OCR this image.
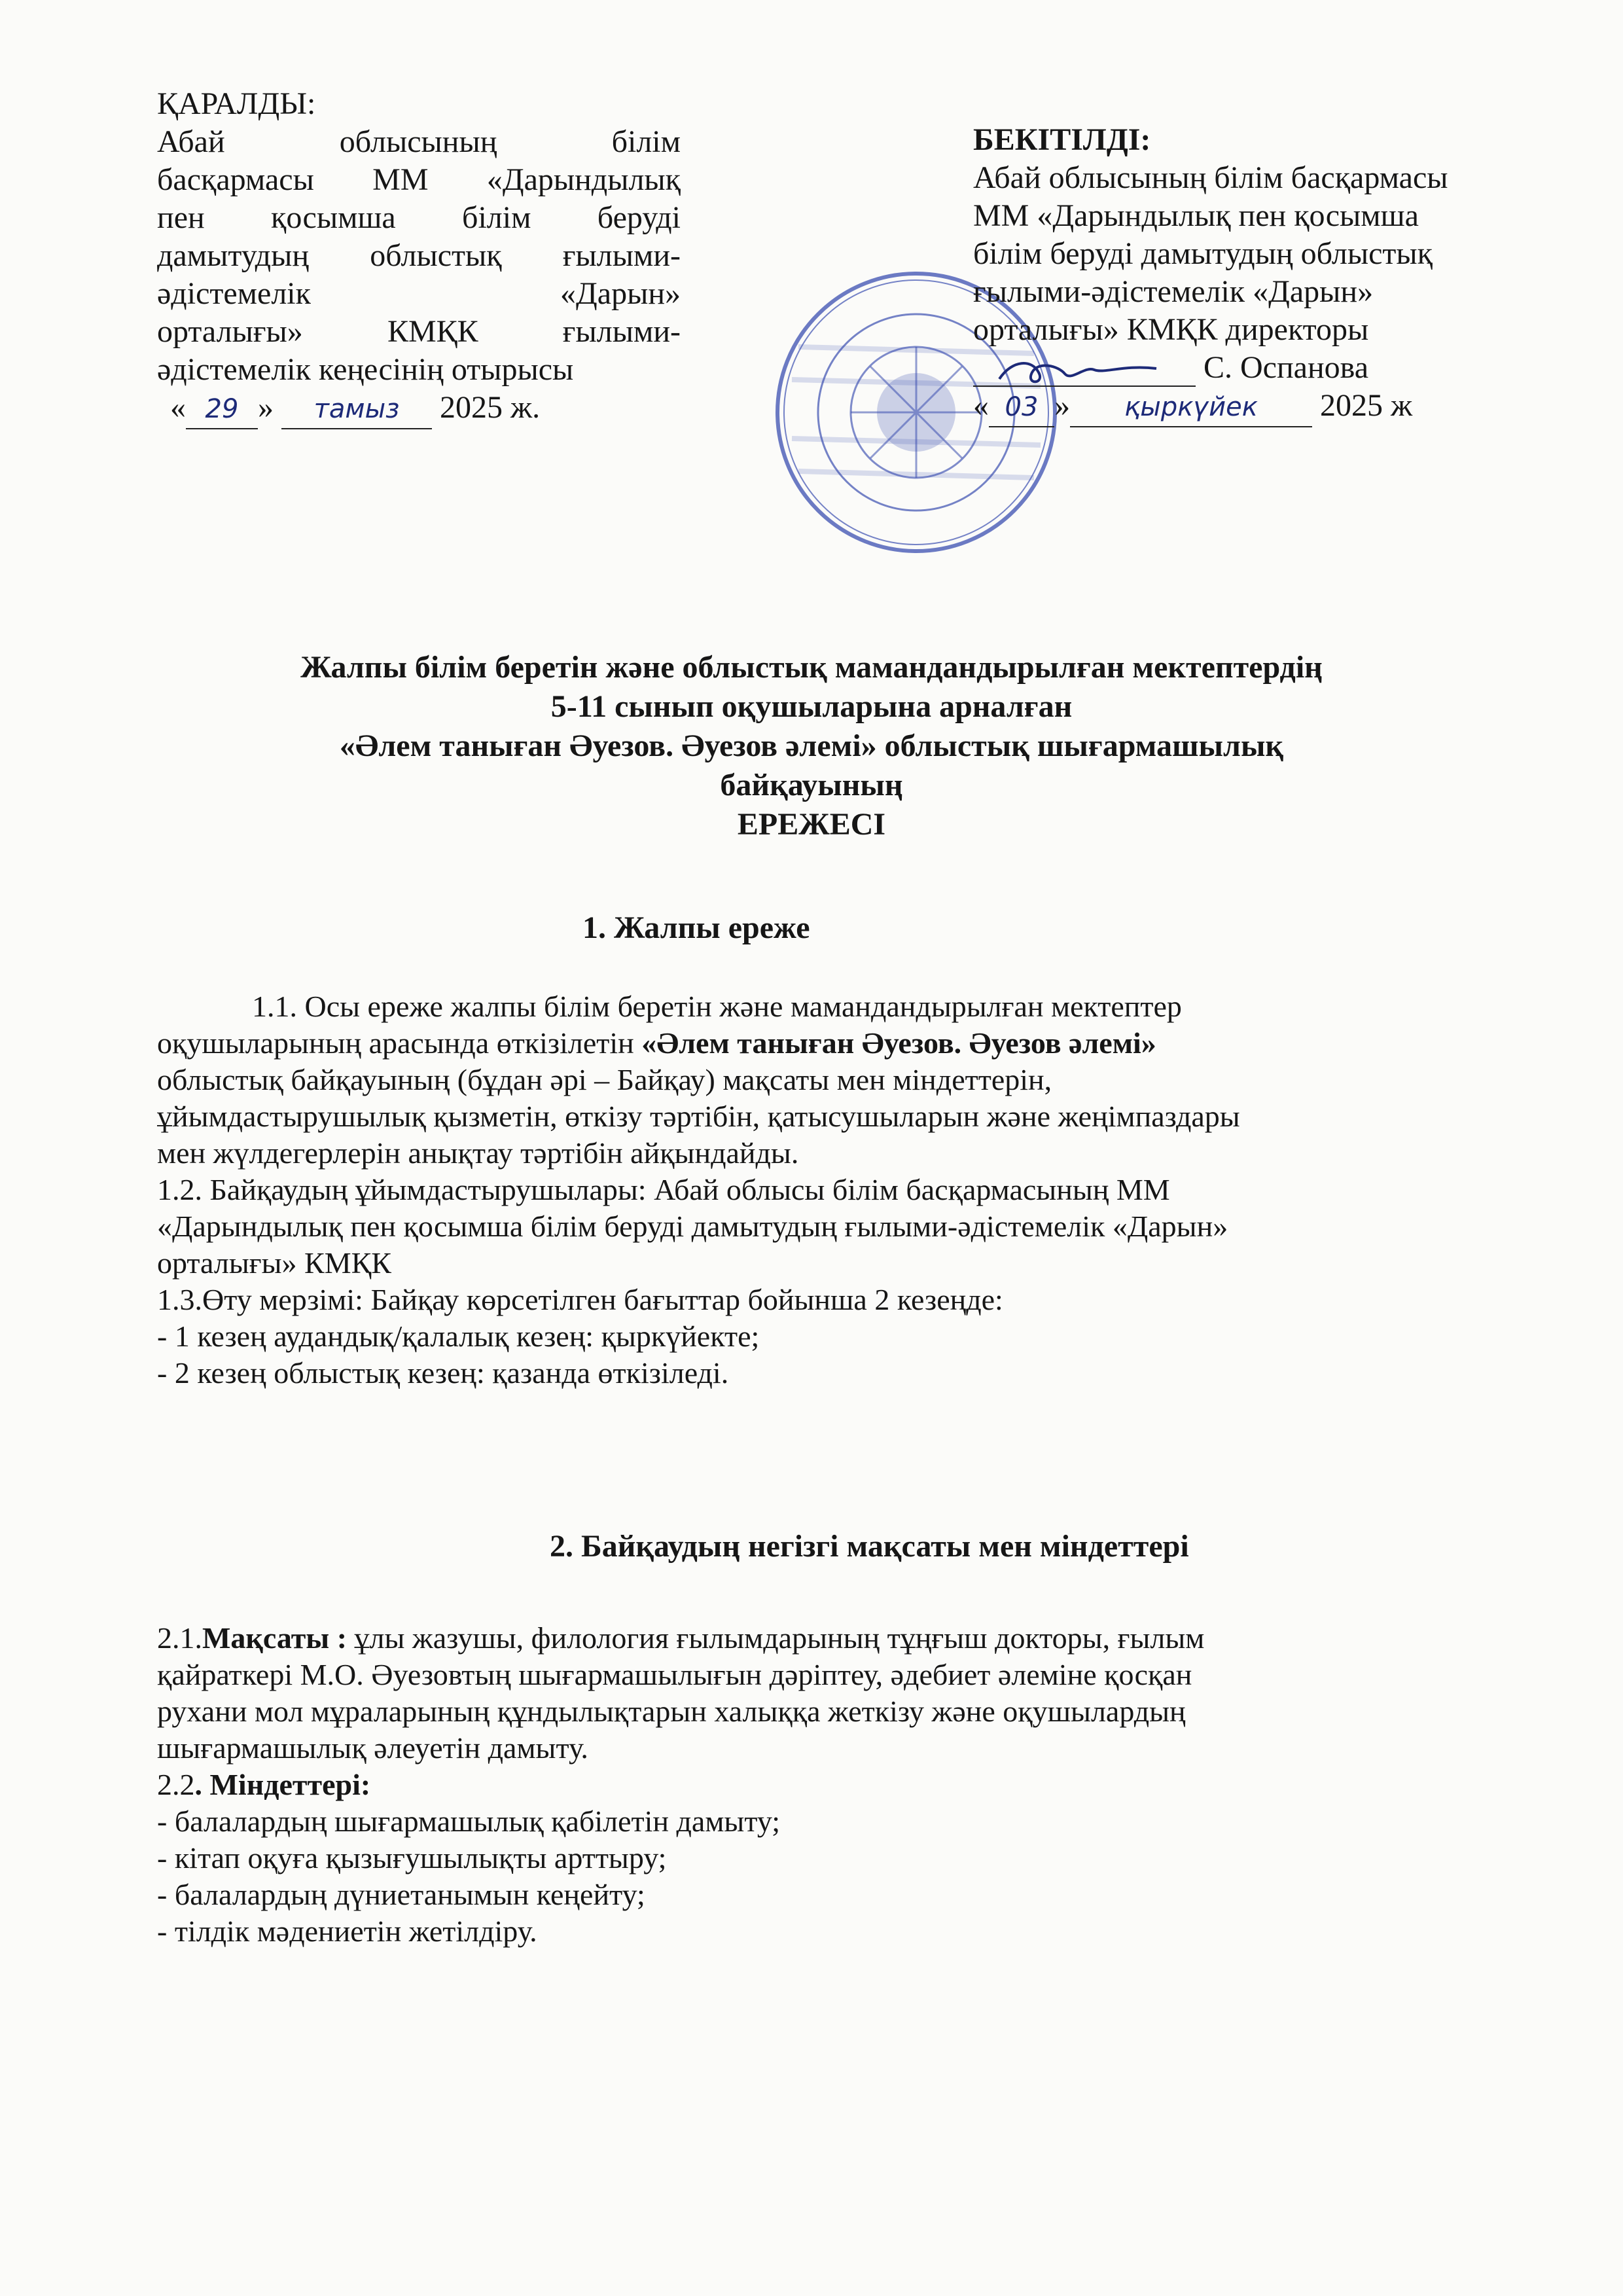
ҚАРАЛДЫ:
Абай облысының білім
басқармасы ММ «Дарындылық
пен қосымша білім беруді
дамытудың облыстық ғылыми-
әдістемелік «Дарын»
орталығы» КМҚК ғылыми-
әдістемелік кеңесінің отырысы
« 29 » тамыз 2025 ж.
БЕКІТІЛДІ:
Абай облысының білім басқармасы
ММ «Дарындылық пен қосымша
білім беруді дамытудың облыстық
ғылыми-әдістемелік «Дарын»
орталығы» КМҚК директоры
С. Оспанова
« 03 » қыркүйек 2025 ж
Жалпы білім беретін және облыстық мамандандырылған мектептердің
5-11 сынып оқушыларына арналған
«Әлем таныған Әуезов. Әуезов әлемі» облыстық шығармашылық
байқауының
ЕРЕЖЕСІ
1. Жалпы ереже
1.1. Осы ереже жалпы білім беретін және мамандандырылған мектептер
оқушыларының арасында өткізілетін «Әлем таныған Әуезов. Әуезов әлемі»
облыстық байқауының (бұдан әрі – Байқау) мақсаты мен міндеттерін,
ұйымдастырушылық қызметін, өткізу тәртібін, қатысушыларын және жеңімпаздары
мен жүлдегерлерін анықтау тәртібін айқындайды.
1.2. Байқаудың ұйымдастырушылары: Абай облысы білім басқармасының ММ
«Дарындылық пен қосымша білім беруді дамытудың ғылыми-әдістемелік «Дарын»
орталығы» КМҚК
1.3.Өту мерзімі: Байқау көрсетілген бағыттар бойынша 2 кезеңде:
- 1 кезең аудандық/қалалық кезең: қыркүйекте;
- 2 кезең облыстық кезең: қазанда өткізіледі.
2. Байқаудың негізгі мақсаты мен міндеттері
2.1.Мақсаты : ұлы жазушы, филология ғылымдарының тұңғыш докторы, ғылым
қайраткері М.О. Әуезовтың шығармашылығын дәріптеу, әдебиет әлеміне қосқан
рухани мол мұраларының құндылықтарын халыққа жеткізу және оқушылардың
шығармашылық әлеуетін дамыту.
2.2. Міндеттері:
- балалардың шығармашылық қабілетін дамыту;
- кітап оқуға қызығушылықты арттыру;
- балалардың дүниетанымын кеңейту;
- тілдік мәдениетін жетілдіру.
